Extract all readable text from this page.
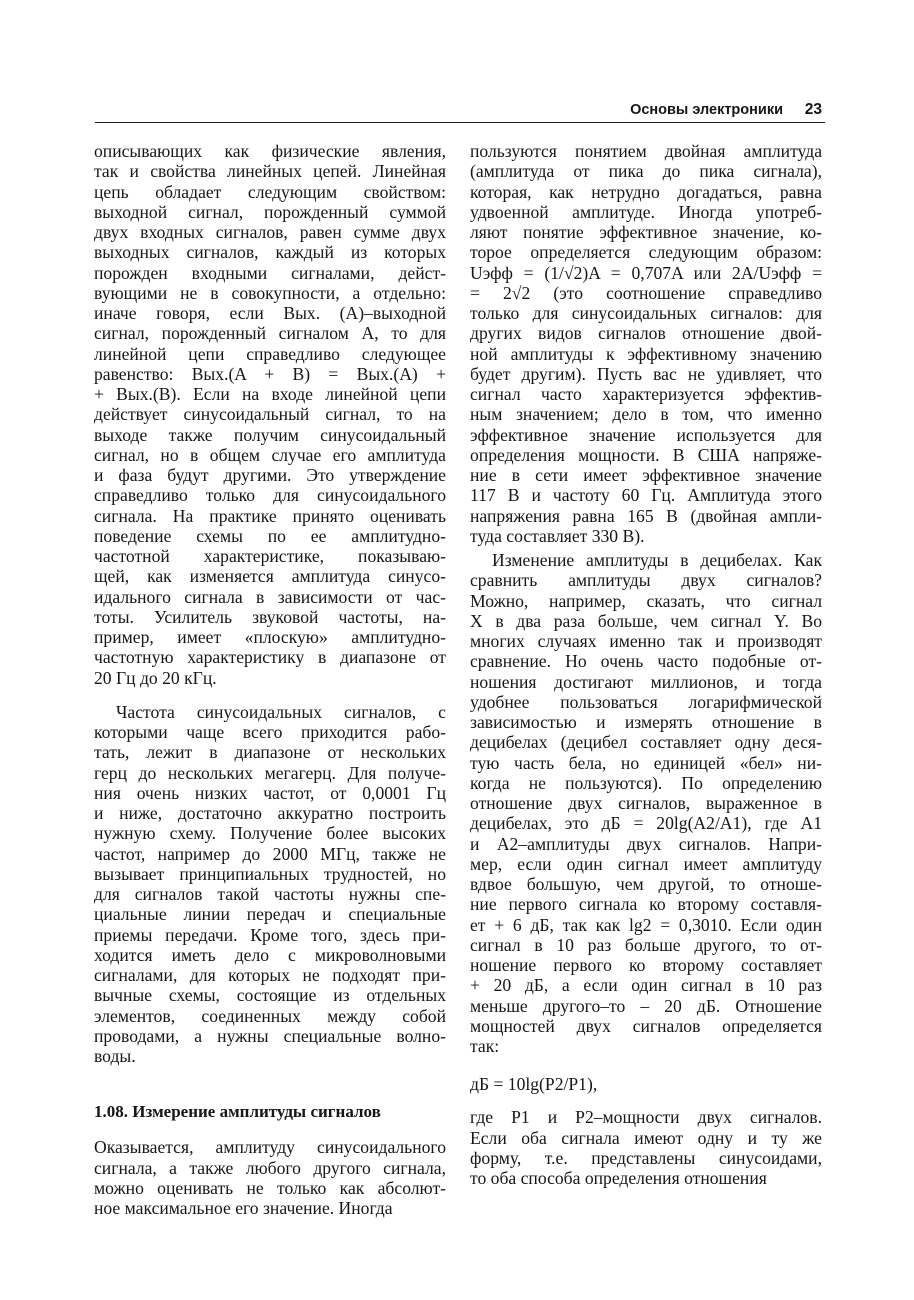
Основы электроники 23
описывающих как физические явления,
так и свойства линейных цепей. Линейная
цепь обладает следующим свойством:
выходной сигнал, порожденный суммой
двух входных сигналов, равен сумме двух
выходных сигналов, каждый из которых
порожден входными сигналами, дейст-
вующими не в совокупности, а отдельно:
иначе говоря, если Вых. (A)–выходной
сигнал, порожденный сигналом A, то для
линейной цепи справедливо следующее
равенство: Вых.(A + B) = Вых.(A) +
+ Вых.(B). Если на входе линейной цепи
действует синусоидальный сигнал, то на
выходе также получим синусоидальный
сигнал, но в общем случае его амплитуда
и фаза будут другими. Это утверждение
справедливо только для синусоидального
сигнала. На практике принято оценивать
поведение схемы по ее амплитудно-
частотной характеристике, показываю-
щей, как изменяется амплитуда синусо-
идального сигнала в зависимости от час-
тоты. Усилитель звуковой частоты, на-
пример, имеет «плоскую» амплитудно-
частотную характеристику в диапазоне от
20 Гц до 20 кГц.
Частота синусоидальных сигналов, с
которыми чаще всего приходится рабо-
тать, лежит в диапазоне от нескольких
герц до нескольких мегагерц. Для получе-
ния очень низких частот, от 0,0001 Гц
и ниже, достаточно аккуратно построить
нужную схему. Получение более высоких
частот, например до 2000 МГц, также не
вызывает принципиальных трудностей, но
для сигналов такой частоты нужны спе-
циальные линии передач и специальные
приемы передачи. Кроме того, здесь при-
ходится иметь дело с микроволновыми
сигналами, для которых не подходят при-
вычные схемы, состоящие из отдельных
элементов, соединенных между собой
проводами, а нужны специальные волно-
воды.
1.08. Измерение амплитуды сигналов
Оказывается, амплитуду синусоидального
сигнала, а также любого другого сигнала,
можно оценивать не только как абсолют-
ное максимальное его значение. Иногда
пользуются понятием двойная амплитуда
(амплитуда от пика до пика сигнала),
которая, как нетрудно догадаться, равна
удвоенной амплитуде. Иногда употреб-
ляют понятие эффективное значение, ко-
торое определяется следующим образом:
Uэфф = (1/√2)A = 0,707A или 2A/Uэфф =
= 2√2 (это соотношение справедливо
только для синусоидальных сигналов: для
других видов сигналов отношение двой-
ной амплитуды к эффективному значению
будет другим). Пусть вас не удивляет, что
сигнал часто характеризуется эффектив-
ным значением; дело в том, что именно
эффективное значение используется для
определения мощности. В США напряже-
ние в сети имеет эффективное значение
117 В и частоту 60 Гц. Амплитуда этого
напряжения равна 165 В (двойная ампли-
туда составляет 330 В).
Изменение амплитуды в децибелах. Как
сравнить амплитуды двух сигналов?
Можно, например, сказать, что сигнал
X в два раза больше, чем сигнал Y. Во
многих случаях именно так и производят
сравнение. Но очень часто подобные от-
ношения достигают миллионов, и тогда
удобнее пользоваться логарифмической
зависимостью и измерять отношение в
децибелах (децибел составляет одну деся-
тую часть бела, но единицей «бел» ни-
когда не пользуются). По определению
отношение двух сигналов, выраженное в
децибелах, это дБ = 20lg(A2/A1), где A1
и A2–амплитуды двух сигналов. Напри-
мер, если один сигнал имеет амплитуду
вдвое большую, чем другой, то отноше-
ние первого сигнала ко второму составля-
ет + 6 дБ, так как lg2 = 0,3010. Если один
сигнал в 10 раз больше другого, то от-
ношение первого ко второму составляет
+ 20 дБ, а если один сигнал в 10 раз
меньше другого–то – 20 дБ. Отношение
мощностей двух сигналов определяется
так:
дБ = 10lg(P2/P1),
где P1 и P2–мощности двух сигналов.
Если оба сигнала имеют одну и ту же
форму, т.е. представлены синусоидами,
то оба способа определения отношения
